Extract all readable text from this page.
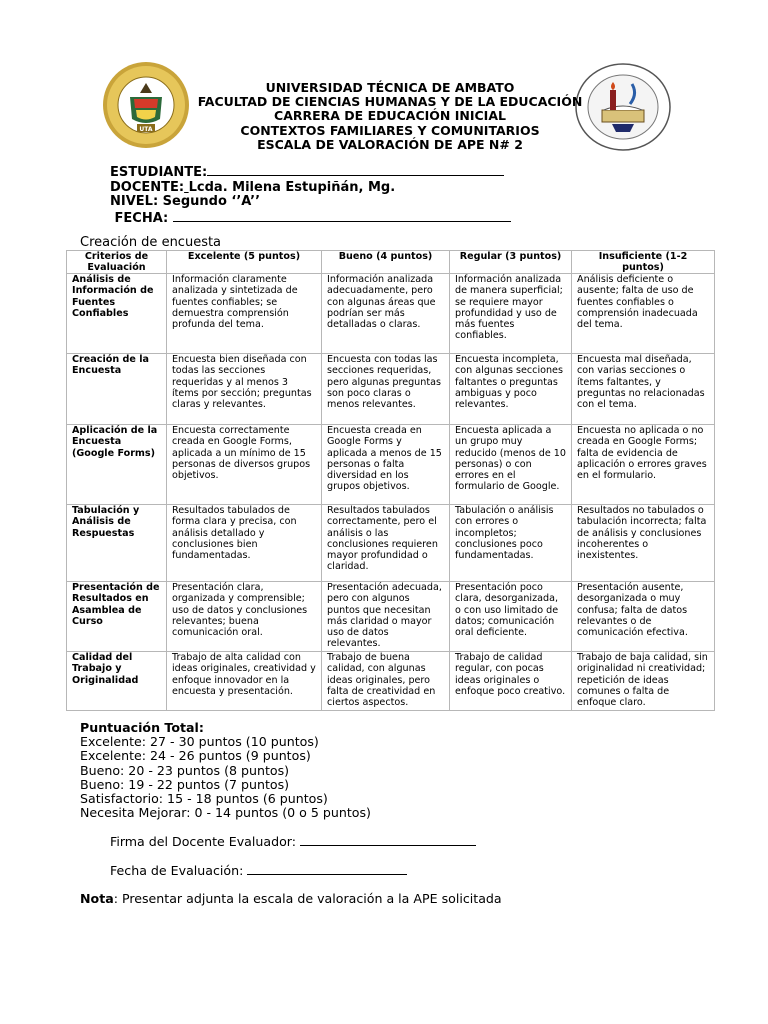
UTA
UNIVERSIDAD TÉCNICA DE AMBATO
FACULTAD DE CIENCIAS HUMANAS Y DE LA EDUCACIÓN
CARRERA DE EDUCACIÓN INICIAL
CONTEXTOS FAMILIARES Y COMUNITARIOS
ESCALA DE VALORACIÓN DE APE N# 2
ESTUDIANTE:
DOCENTE: Lcda. Milena Estupiñán, Mg.
NIVEL: Segundo ‘’A’’
FECHA:
Creación de encuesta
Criterios de Evaluación	Excelente (5 puntos)	Bueno (4 puntos)	Regular (3 puntos)	Insuficiente (1-2 puntos)
Análisis de Información de Fuentes Confiables	Información claramente analizada y sintetizada de fuentes confiables; se demuestra comprensión profunda del tema.	Información analizada adecuadamente, pero con algunas áreas que podrían ser más detalladas o claras.	Información analizada de manera superficial; se requiere mayor profundidad y uso de más fuentes confiables.	Análisis deficiente o ausente; falta de uso de fuentes confiables o comprensión inadecuada del tema.
Creación de la Encuesta	Encuesta bien diseñada con todas las secciones requeridas y al menos 3 ítems por sección; preguntas claras y relevantes.	Encuesta con todas las secciones requeridas, pero algunas preguntas son poco claras o menos relevantes.	Encuesta incompleta, con algunas secciones faltantes o preguntas ambiguas y poco relevantes.	Encuesta mal diseñada, con varias secciones o ítems faltantes, y preguntas no relacionadas con el tema.
Aplicación de la Encuesta (Google Forms)	Encuesta correctamente creada en Google Forms, aplicada a un mínimo de 15 personas de diversos grupos objetivos.	Encuesta creada en Google Forms y aplicada a menos de 15 personas o falta diversidad en los grupos objetivos.	Encuesta aplicada a un grupo muy reducido (menos de 10 personas) o con errores en el formulario de Google.	Encuesta no aplicada o no creada en Google Forms; falta de evidencia de aplicación o errores graves en el formulario.
Tabulación y Análisis de Respuestas	Resultados tabulados de forma clara y precisa, con análisis detallado y conclusiones bien fundamentadas.	Resultados tabulados correctamente, pero el análisis o las conclusiones requieren mayor profundidad o claridad.	Tabulación o análisis con errores o incompletos; conclusiones poco fundamentadas.	Resultados no tabulados o tabulación incorrecta; falta de análisis y conclusiones incoherentes o inexistentes.
Presentación de Resultados en Asamblea de Curso	Presentación clara, organizada y comprensible; uso de datos y conclusiones relevantes; buena comunicación oral.	Presentación adecuada, pero con algunos puntos que necesitan más claridad o mayor uso de datos relevantes.	Presentación poco clara, desorganizada, o con uso limitado de datos; comunicación oral deficiente.	Presentación ausente, desorganizada o muy confusa; falta de datos relevantes o de comunicación efectiva.
Calidad del Trabajo y Originalidad	Trabajo de alta calidad con ideas originales, creatividad y enfoque innovador en la encuesta y presentación.	Trabajo de buena calidad, con algunas ideas originales, pero falta de creatividad en ciertos aspectos.	Trabajo de calidad regular, con pocas ideas originales o enfoque poco creativo.	Trabajo de baja calidad, sin originalidad ni creatividad; repetición de ideas comunes o falta de enfoque claro.
Puntuación Total:
Excelente: 27 - 30 puntos (10 puntos)
Excelente: 24 - 26 puntos (9 puntos)
Bueno: 20 - 23 puntos (8 puntos)
Bueno: 19 - 22 puntos (7 puntos)
Satisfactorio: 15 - 18 puntos (6 puntos)
Necesita Mejorar: 0 - 14 puntos (0 o 5 puntos)
Firma del Docente Evaluador:
Fecha de Evaluación:
Nota: Presentar adjunta la escala de valoración a la APE solicitada
